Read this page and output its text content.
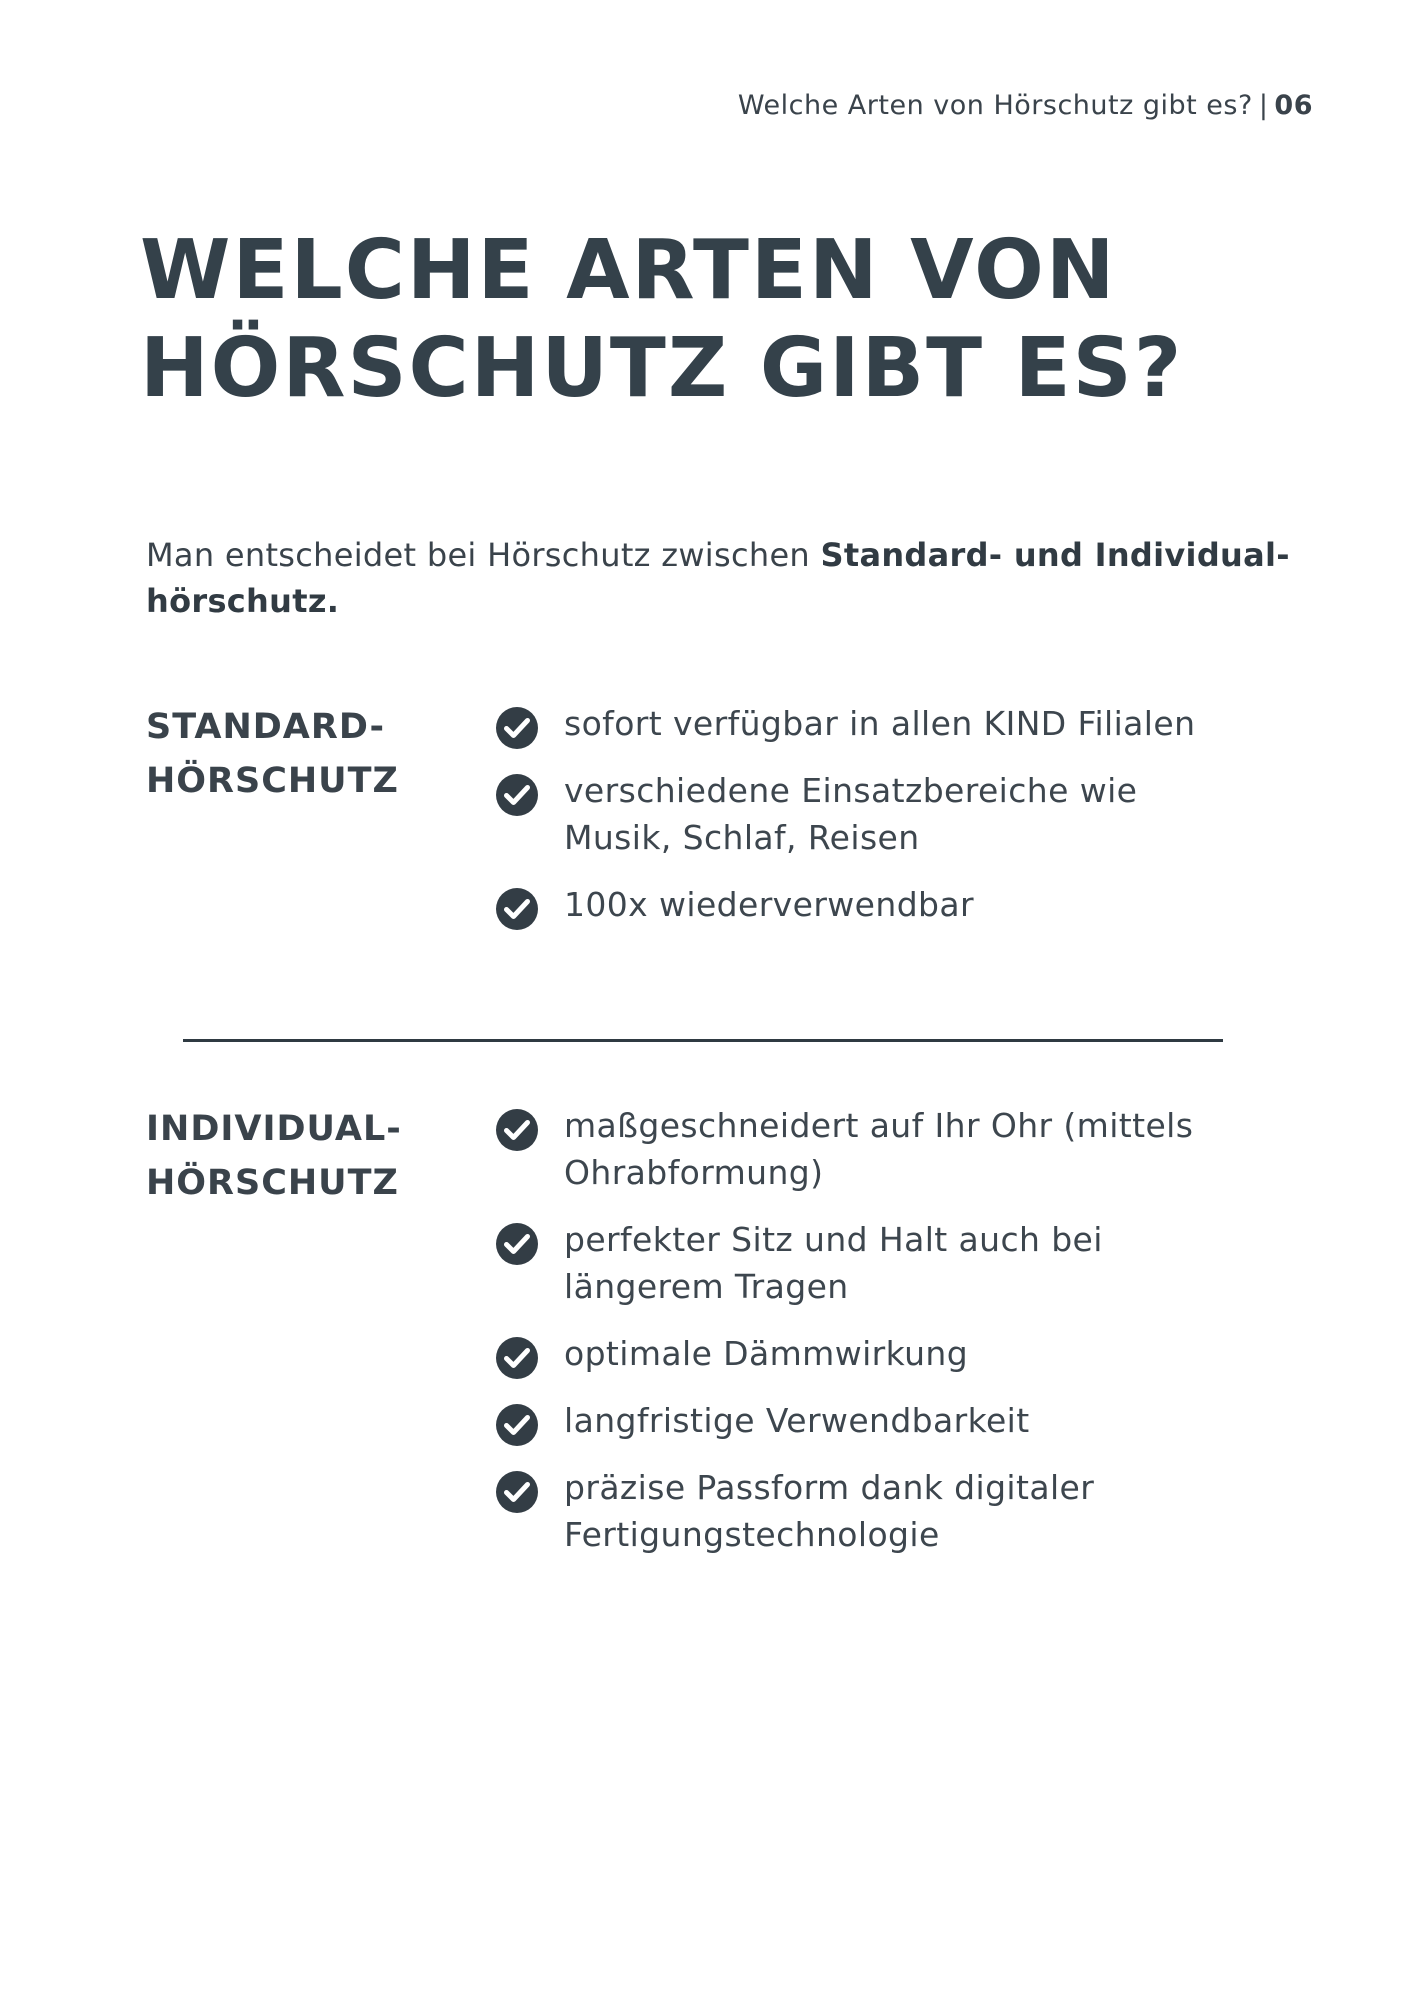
Welche Arten von Hörschutz gibt es? | 06
WELCHE ARTEN VON
HÖRSCHUTZ GIBT ES?

Man entscheidet bei Hörschutz zwischen Standard- und Individual-
hörschutz.

STANDARD-
HÖRSCHUTZ
sofort verfügbar in allen KIND Filialen
verschiedene Einsatzbereiche wie
Musik, Schlaf, Reisen
100x wiederverwendbar
INDIVIDUAL-
HÖRSCHUTZ
maßgeschneidert auf Ihr Ohr (mittels
Ohrabformung)
perfekter Sitz und Halt auch bei
längerem Tragen
optimale Dämmwirkung
langfristige Verwendbarkeit
präzise Passform dank digitaler
Fertigungstechnologie
